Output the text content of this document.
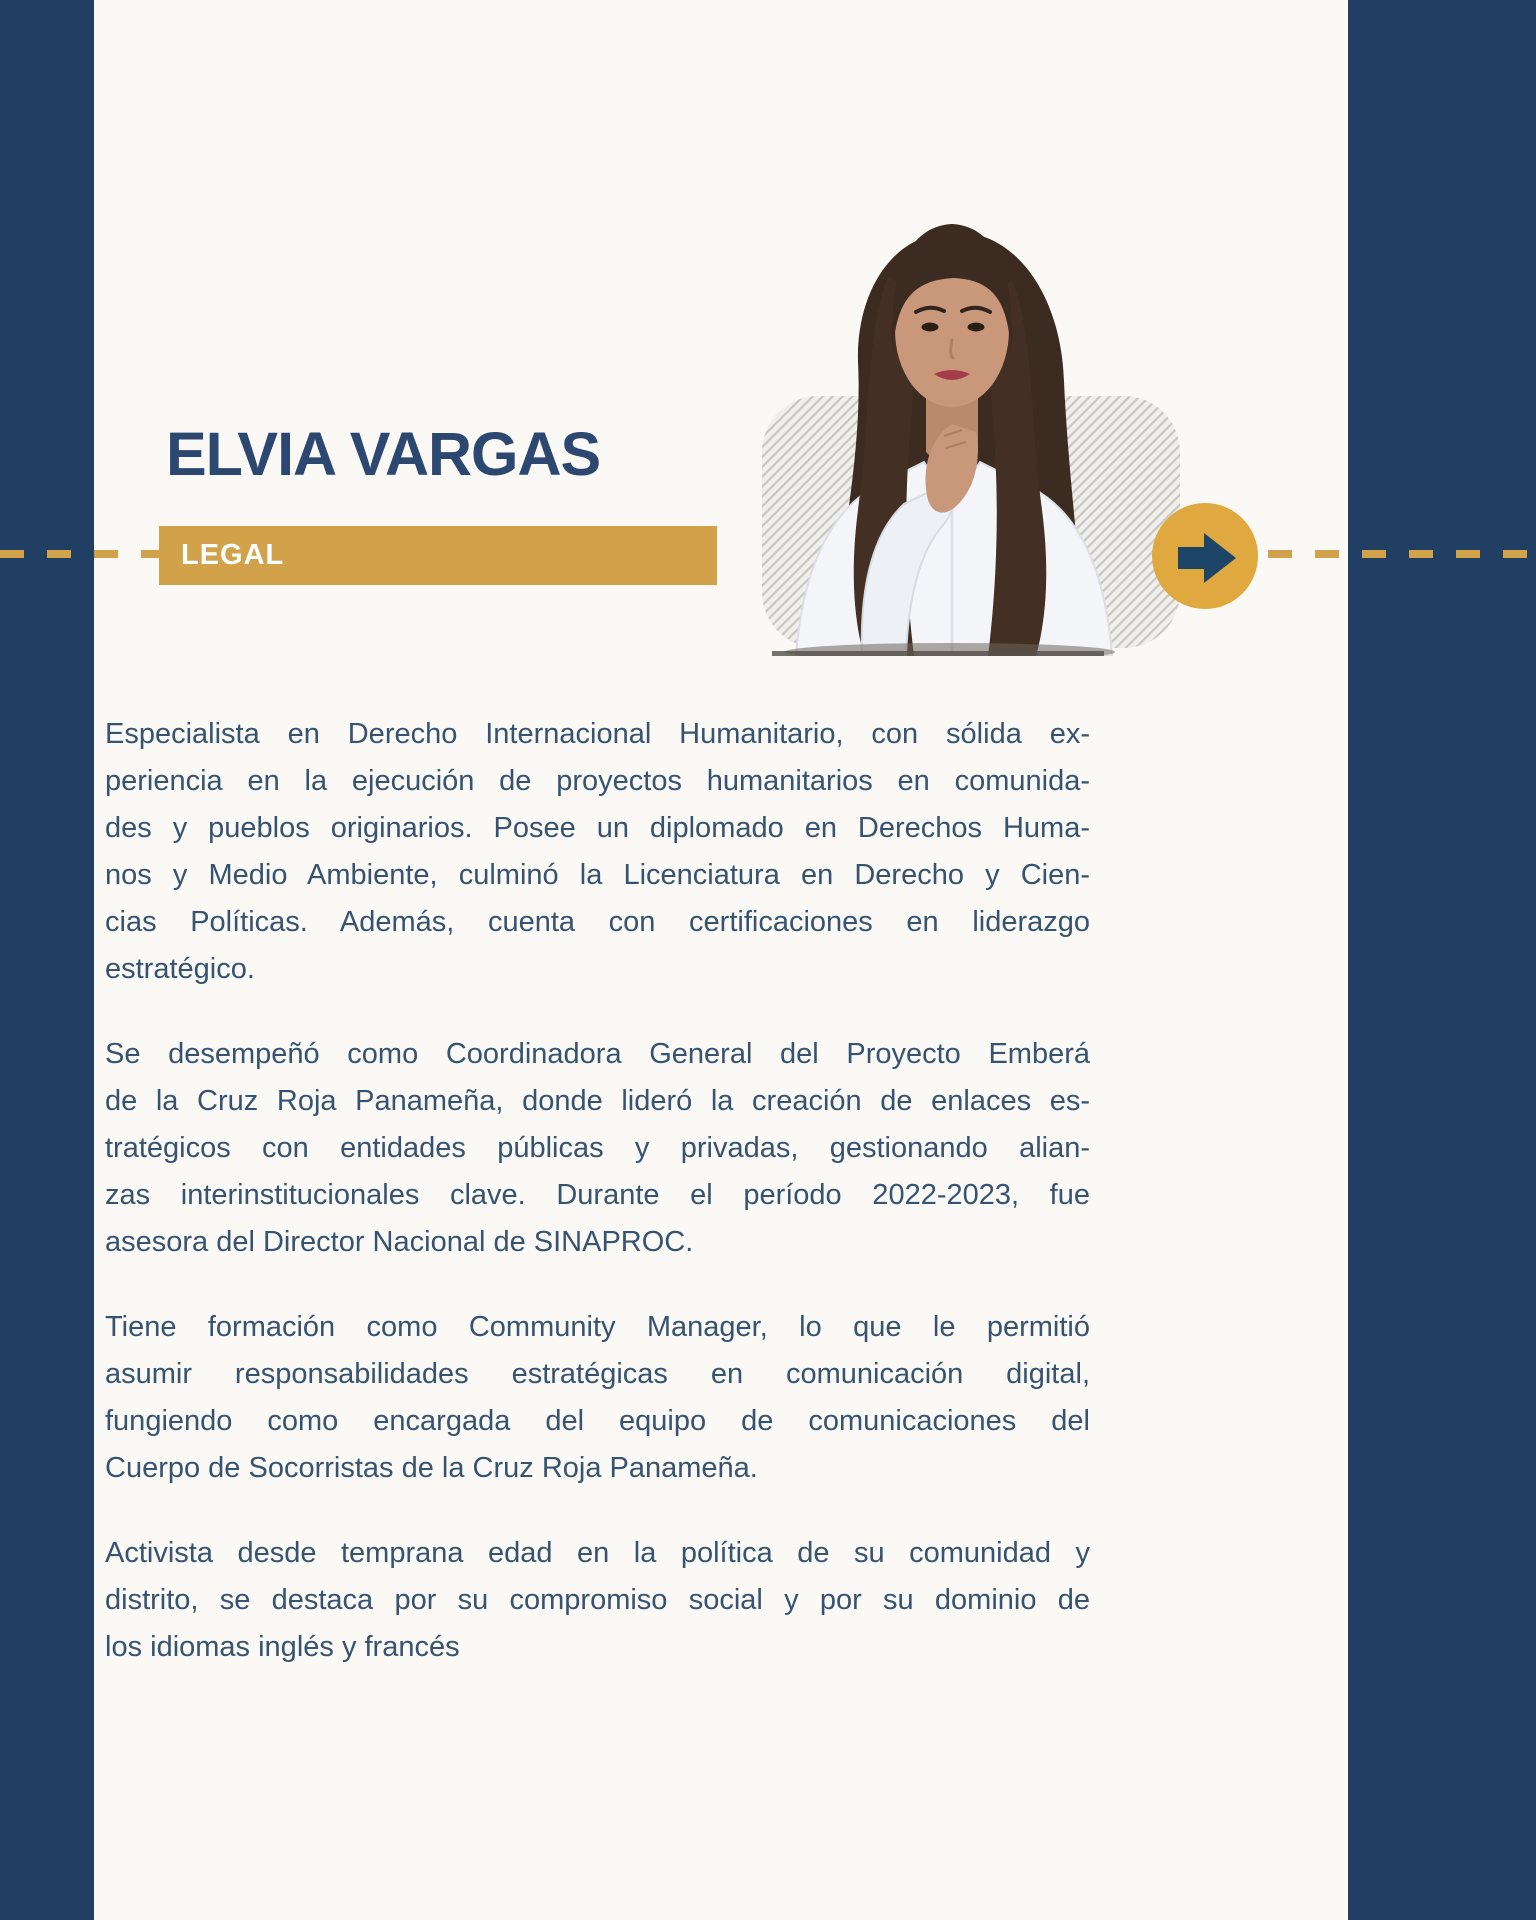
ELVIA VARGAS
LEGAL
Especialista en Derecho Internacional Humanitario, con sólida ex-
periencia en la ejecución de proyectos humanitarios en comunida-
des y pueblos originarios. Posee un diplomado en Derechos Huma-
nos y Medio Ambiente, culminó la Licenciatura en Derecho y Cien-
cias Políticas. Además, cuenta con certificaciones en liderazgo
estratégico.
Se desempeñó como Coordinadora General del Proyecto Emberá
de la Cruz Roja Panameña, donde lideró la creación de enlaces es-
tratégicos con entidades públicas y privadas, gestionando alian-
zas interinstitucionales clave. Durante el período 2022-2023, fue
asesora del Director Nacional de SINAPROC.
Tiene formación como Community Manager, lo que le permitió
asumir responsabilidades estratégicas en comunicación digital,
fungiendo como encargada del equipo de comunicaciones del
Cuerpo de Socorristas de la Cruz Roja Panameña.
Activista desde temprana edad en la política de su comunidad y
distrito, se destaca por su compromiso social y por su dominio de
los idiomas inglés y francés
